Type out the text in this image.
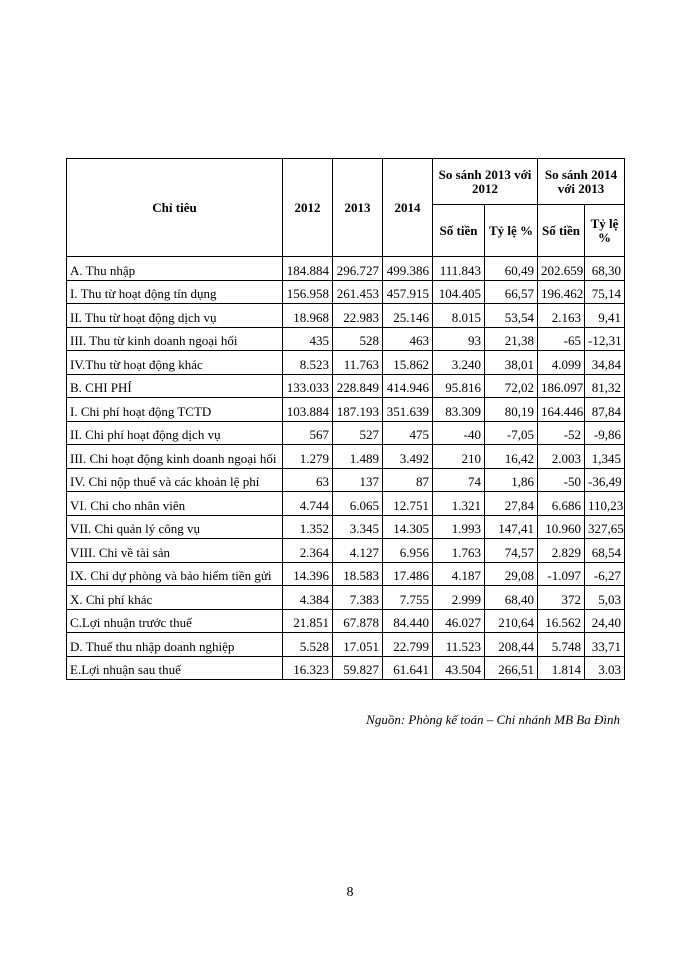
Chỉ tiêu	2012	2013	2014	So sánh 2013 với 2012		So sánh 2014 với 2013	
				Số tiền	Tỷ lệ %	Số tiền	Tỷ lệ %
A. Thu nhập	184.884	296.727	499.386	111.843	60,49	202.659	68,30
I. Thu từ hoạt động tín dụng	156.958	261.453	457.915	104.405	66,57	196.462	75,14
II. Thu từ hoạt động dịch vụ	18.968	22.983	25.146	8.015	53,54	2.163	9,41
III. Thu từ kinh doanh ngoại hối	435	528	463	93	21,38	-65	-12,31
IV.Thu từ hoạt động khác	8.523	11.763	15.862	3.240	38,01	4.099	34,84
B. CHI PHÍ	133.033	228.849	414.946	95.816	72,02	186.097	81,32
I. Chi phí hoạt động TCTD	103.884	187.193	351.639	83.309	80,19	164.446	87,84
II. Chi phí hoạt động dịch vụ	567	527	475	-40	-7,05	-52	-9,86
III. Chi hoạt động kinh doanh ngoại hối	1.279	1.489	3.492	210	16,42	2.003	1,345
IV. Chi nộp thuế và các khoản lệ phí	63	137	87	74	1,86	-50	-36,49
VI. Chi cho nhân viên	4.744	6.065	12.751	1.321	27,84	6.686	110,23
VII. Chi quản lý công vụ	1.352	3.345	14.305	1.993	147,41	10.960	327,65
VIII. Chi về tài sản	2.364	4.127	6.956	1.763	74,57	2.829	68,54
IX. Chi dự phòng và bảo hiểm tiền gửi	14.396	18.583	17.486	4.187	29,08	-1.097	-6,27
X. Chi phí khác	4.384	7.383	7.755	2.999	68,40	372	5,03
C.Lợi nhuận trước thuế	21.851	67.878	84.440	46.027	210,64	16.562	24,40
D. Thuế thu nhập doanh nghiệp	5.528	17.051	22.799	11.523	208,44	5.748	33,71
E.Lợi nhuận sau thuế	16.323	59.827	61.641	43.504	266,51	1.814	3.03
Nguồn: Phòng kế toán – Chi nhánh MB Ba Đình
8
